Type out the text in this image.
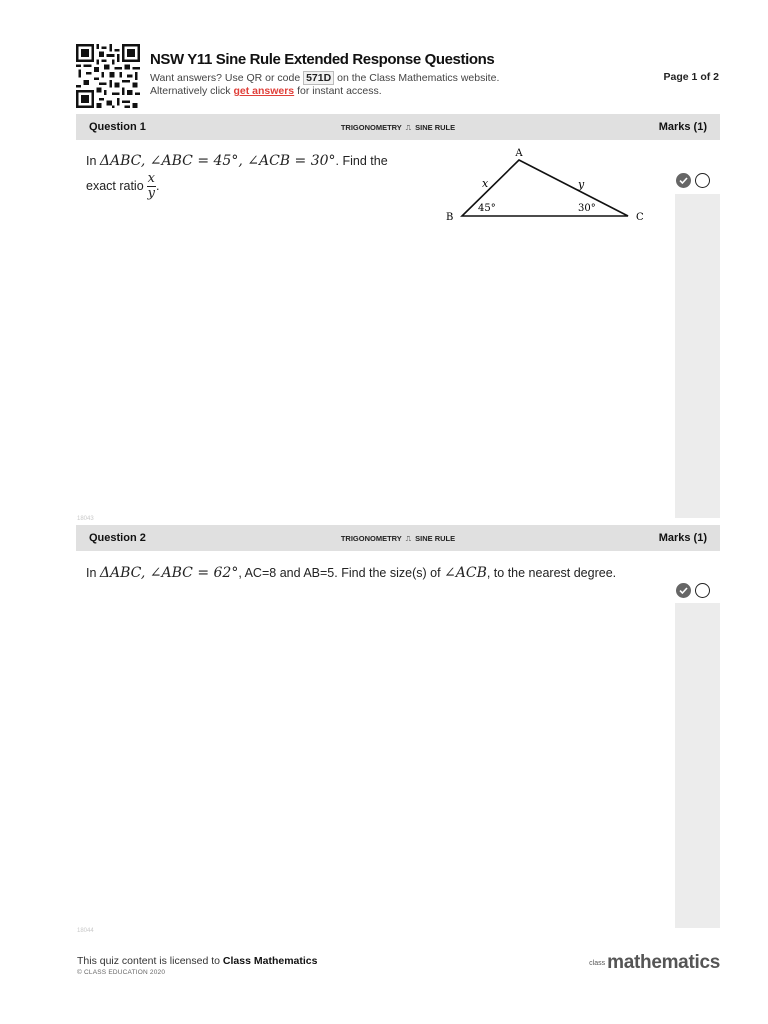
NSW Y11 Sine Rule Extended Response Questions
Want answers? Use QR or code 571D on the Class Mathematics website.
Alternatively click get answers for instant access.
Page 1 of 2
Question 1	TRIGONOMETRY ⎍ SINE RULE	Marks (1)
In ΔABC, ∠ABC = 45°, ∠ACB = 30°. Find the
exact ratio $\frac{x}{y}$ .
A
B	C
x	y
45°	30°
18043
Question 2	TRIGONOMETRY ⎍ SINE RULE	Marks (1)
In ΔABC, ∠ABC = 62°, AC=8 and AB=5. Find the size(s) of ∠ACB, to the nearest degree.
18044
This quiz content is licensed to Class Mathematics
© CLASS EDUCATION 2020
class mathematics
